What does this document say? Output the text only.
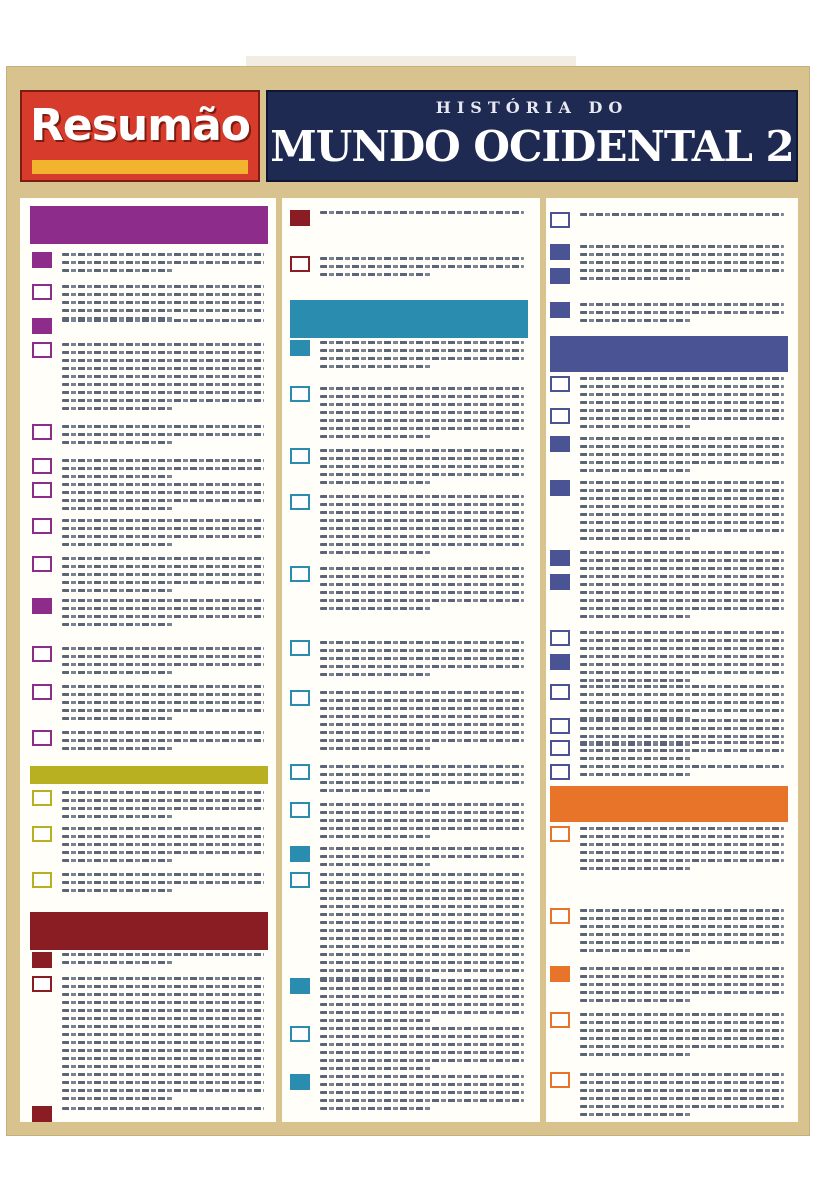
Resumão	HISTÓRIA DO
MUNDO OCIDENTAL 2
